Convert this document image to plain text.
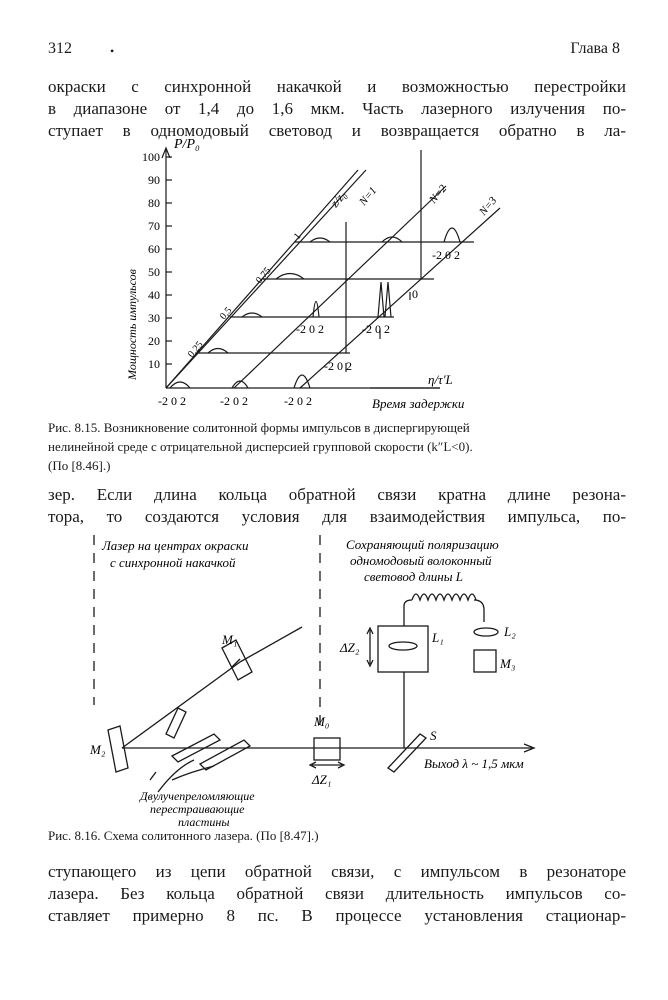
312	•	Глава 8
окраски с синхронной накачкой и возможностью перестройки
в диапазоне от 1,4 до 1,6 мкм. Часть лазерного излучения по-
ступает в одномодовый световод и возвращается обратно в ла-
P/P₀
100
90
80
70
60
50
40
30
20
10
Мощность импульсов
z/z₀
0,25
0,5
0,75
1
N=1	N=2
N=3
η/τ′L
-2 0 2	-2 0 2	-2 0 2
-2 0 2	-2 0 2
-2 0 2
-2 0 2
0
Время задержки
Рис. 8.15. Возникновение солитонной формы импульсов в диспергирующей
нелинейной среде с отрицательной дисперсией групповой скорости (k″L<0).
(По [8.46].)
зер. Если длина кольца обратной связи кратна длине резона-
тора, то создаются условия для взаимодействия импульса, по-
Лазер на центрах окраски
с синхронной накачкой
Сохраняющий поляризацию
одномодовый волоконный
световод длины L
M₁
M₂
M₀
M₃
L₁	L₂
S
ΔZ₂
ΔZ₁
Выход λ ~ 1,5 мкм
Двулучепреломляющие
перестраивающие
пластины
Рис. 8.16. Схема солитонного лазера. (По [8.47].)
ступающего из цепи обратной связи, с импульсом в резонаторе
лазера. Без кольца обратной связи длительность импульсов со-
ставляет примерно 8 пс. В процессе установления стационар-
